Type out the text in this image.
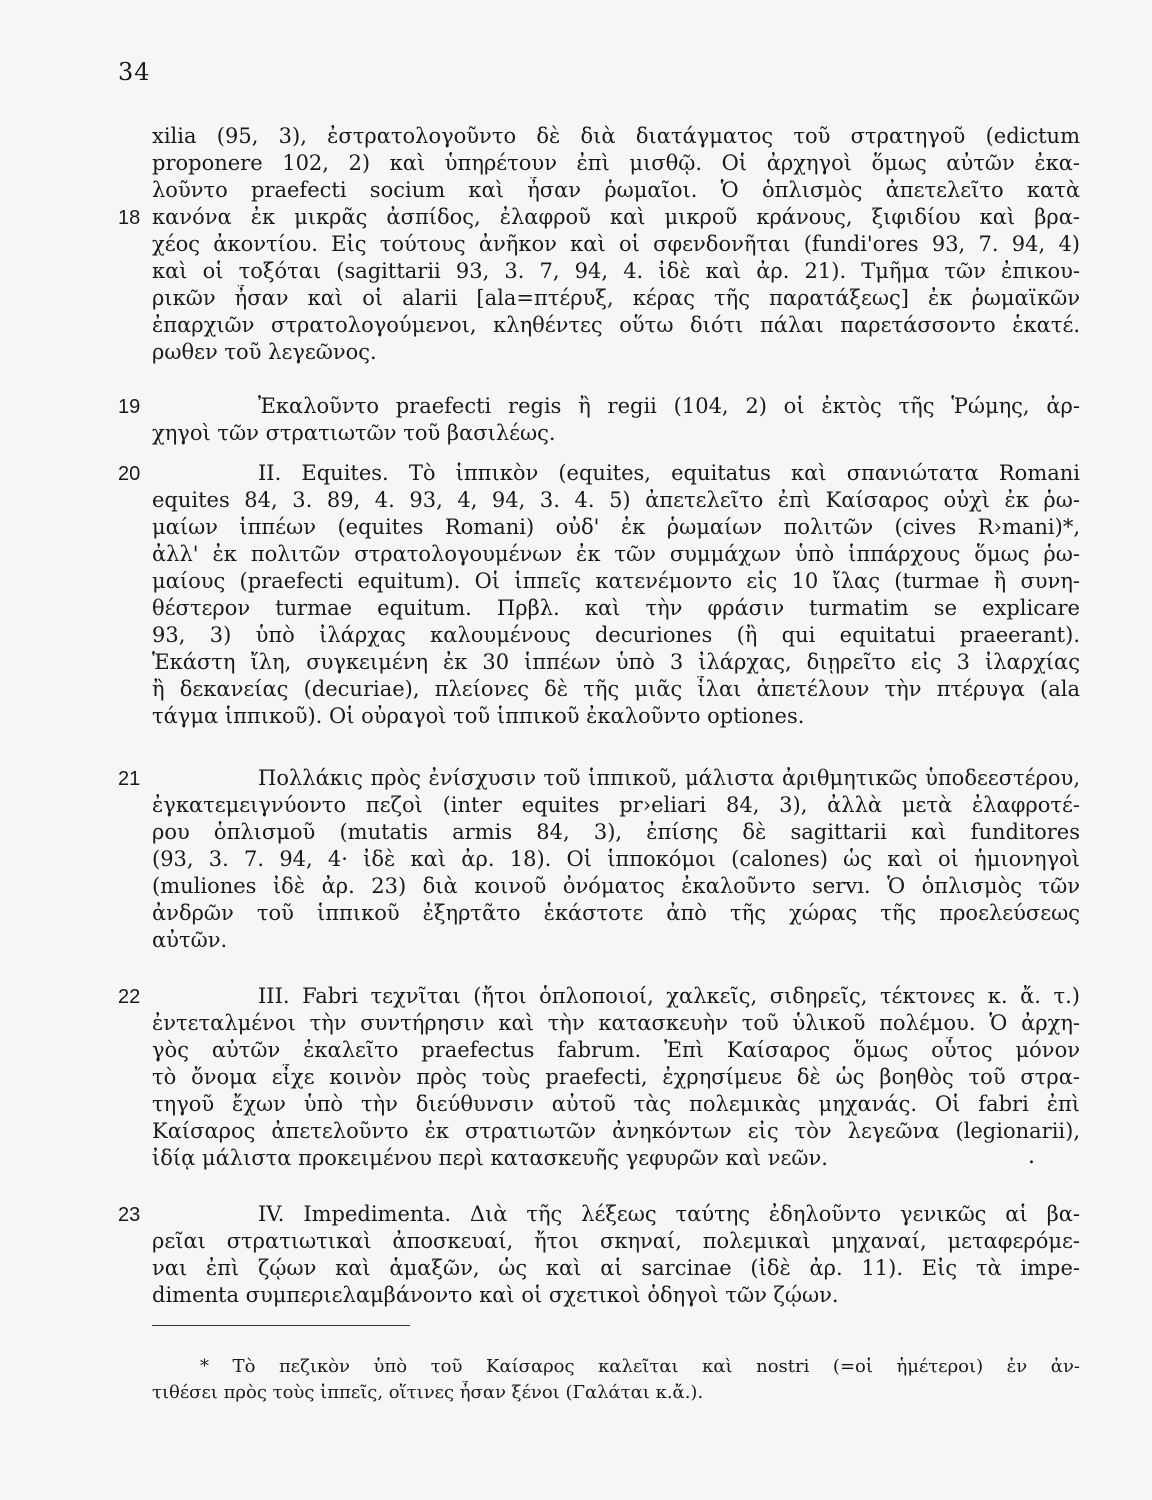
34
18
19
20
21
22
23
xilia (95, 3), ἐστρατολογοῦντο δὲ διὰ διατάγματος τοῦ στρατηγοῦ (edictum
proponere 102, 2) καὶ ὑπηρέτουν ἐπὶ μισθῷ. Οἱ ἀρχηγοὶ ὅμως αὐτῶν ἐκα-
λοῦντο praefecti socium καὶ ἦσαν ῥωμαῖοι. Ὁ ὁπλισμὸς ἀπετελεῖτο κατὰ
κανόνα ἐκ μικρᾶς ἀσπίδος, ἐλαφροῦ καὶ μικροῦ κράνους, ξιφιδίου καὶ βρα-
χέος ἀκοντίου. Εἰς τούτους ἀνῆκον καὶ οἱ σφενδονῆται (fundi'ores 93, 7. 94, 4)
καὶ οἱ τοξόται (sagittarii 93, 3. 7, 94, 4. ἰδὲ καὶ ἀρ. 21). Τμῆμα τῶν ἐπικου-
ρικῶν ἦσαν καὶ οἱ alarii [ala=πτέρυξ, κέρας τῆς παρατάξεως] ἐκ ῥωμαϊκῶν
ἐπαρχιῶν στρατολογούμενοι, κληθέντες οὕτω διότι πάλαι παρετάσσοντο ἑκατέ.
ρωθεν τοῦ λεγεῶνος.
Ἐκαλοῦντο praefecti regis ἢ regii (104, 2) οἱ ἐκτὸς τῆς Ῥώμης, ἀρ-
χηγοὶ τῶν στρατιωτῶν τοῦ βασιλέως.
II. Equites. Τὸ ἱππικὸν (equites, equitatus καὶ σπανιώτατα Romani
equites 84, 3. 89, 4. 93, 4, 94, 3. 4. 5) ἀπετελεῖτο ἐπὶ Καίσαρος οὐχὶ ἐκ ῥω-
μαίων ἱππέων (equites Romani) οὐδ' ἐκ ῥωμαίων πολιτῶν (cives R›mani)*,
ἀλλ' ἐκ πολιτῶν στρατολογουμένων ἐκ τῶν συμμάχων ὑπὸ ἱππάρχους ὅμως ῥω-
μαίους (praefecti equitum). Οἱ ἱππεῖς κατενέμοντο εἰς 10 ἴλας (turmae ἢ συνη-
θέστερον turmae equitum. Πρβλ. καὶ τὴν φράσιν turmatim se explicare
93, 3) ὑπὸ ἰλάρχας καλουμένους decuriones (ἢ qui equitatui praeerant).
Ἑκάστη ἴλη, συγκειμένη ἐκ 30 ἱππέων ὑπὸ 3 ἰλάρχας, διῃρεῖτο εἰς 3 ἰλαρχίας
ἢ δεκανείας (decuriae), πλείονες δὲ τῆς μιᾶς ἶλαι ἀπετέλουν τὴν πτέρυγα (ala
τάγμα ἱππικοῦ). Οἱ οὐραγοὶ τοῦ ἱππικοῦ ἐκαλοῦντο optiones.
Πολλάκις πρὸς ἐνίσχυσιν τοῦ ἱππικοῦ, μάλιστα ἀριθμητικῶς ὑποδεεστέρου,
ἐγκατεμειγνύοντο πεζοὶ (inter equites pr›eliari 84, 3), ἀλλὰ μετὰ ἐλαφροτέ-
ρου ὁπλισμοῦ (mutatis armis 84, 3), ἐπίσης δὲ sagittarii καὶ funditores
(93, 3. 7. 94, 4· ἰδὲ καὶ ἀρ. 18). Οἱ ἱπποκόμοι (calones) ὡς καὶ οἱ ἡμιονηγοὶ
(muliones ἰδὲ ἀρ. 23) διὰ κοινοῦ ὀνόματος ἐκαλοῦντο servı. Ὁ ὁπλισμὸς τῶν
ἀνδρῶν τοῦ ἱππικοῦ ἐξηρτᾶτο ἑκάστοτε ἀπὸ τῆς χώρας τῆς προελεύσεως
αὐτῶν.
III. Fabri τεχνῖται (ἤτοι ὁπλοποιοί, χαλκεῖς, σιδηρεῖς, τέκτονες κ. ἄ. τ.)
ἐντεταλμένοι τὴν συντήρησιν καὶ τὴν κατασκευὴν τοῦ ὑλικοῦ πολέμου. Ὁ ἀρχη-
γὸς αὐτῶν ἐκαλεῖτο praefectus fabrum. Ἐπὶ Καίσαρος ὅμως οὗτος μόνον
τὸ ὄνομα εἶχε κοινὸν πρὸς τοὺς praefecti, ἐχρησίμευε δὲ ὡς βοηθὸς τοῦ στρα-
τηγοῦ ἔχων ὑπὸ τὴν διεύθυνσιν αὐτοῦ τὰς πολεμικὰς μηχανάς. Οἱ fabri ἐπὶ
Καίσαρος ἀπετελοῦντο ἐκ στρατιωτῶν ἀνηκόντων εἰς τὸν λεγεῶνα (legionarii),
ἰδίᾳ μάλιστα προκειμένου περὶ κατασκευῆς γεφυρῶν καὶ νεῶν.	.
IV. Impedimenta. Διὰ τῆς λέξεως ταύτης ἐδηλοῦντο γενικῶς αἱ βα-
ρεῖαι στρατιωτικαὶ ἀποσκευαί, ἤτοι σκηναί, πολεμικαὶ μηχαναί, μεταφερόμε-
ναι ἐπὶ ζῴων καὶ ἁμαξῶν, ὡς καὶ αἱ sarcinae (ἰδὲ ἀρ. 11). Εἰς τὰ impe-
dimenta συμπεριελαμβάνοντο καὶ οἱ σχετικοὶ ὁδηγοὶ τῶν ζῴων.
* Τὸ πεζικὸν ὑπὸ τοῦ Καίσαρος καλεῖται καὶ nostri (=οἱ ἡμέτεροι) ἐν ἀν-
τιθέσει πρὸς τοὺς ἱππεῖς, οἵτινες ἦσαν ξένοι (Γαλάται κ.ἄ.).
